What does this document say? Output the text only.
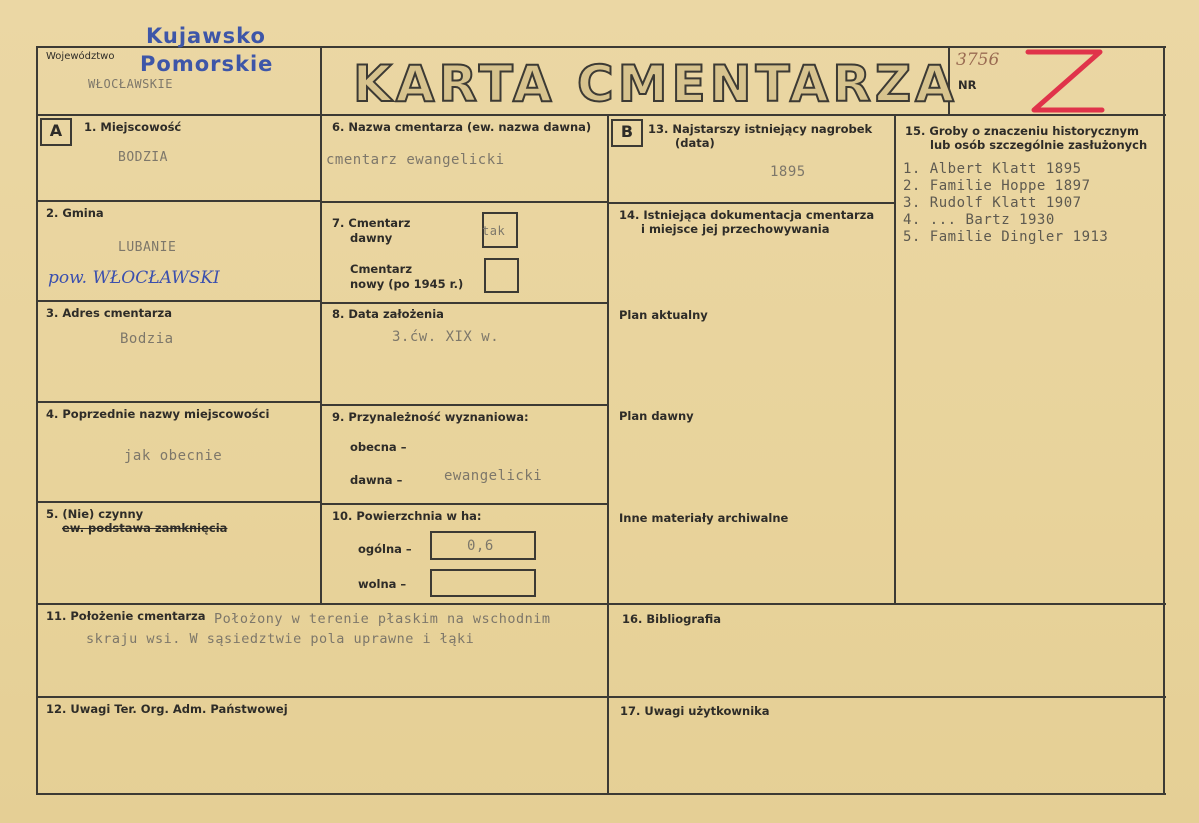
Województwo
WŁOCŁAWSKIE
Kujawsko
Pomorskie KARTA CMENTARZA NR
3756
A	1. Miejscowość
BODZIA
2. Gmina
LUBANIE
pow. WŁOCŁAWSKI
3. Adres cmentarza
Bodzia
4. Poprzednie nazwy miejscowości
jak obecnie
5. (Nie) czynny
ew. podstawa zamknięcia
6. Nazwa cmentarza (ew. nazwa dawna)
cmentarz ewangelicki
7. Cmentarz
dawny	tak
Cmentarz
nowy (po 1945 r.)
8. Data założenia
3.ćw. XIX w.
9. Przynależność wyznaniowa:
obecna –
dawna –	ewangelicki
10. Powierzchnia w ha:
ogólna –	0,6
wolna –
B	13. Najstarszy istniejący nagrobek
(data)
1895
14. Istniejąca dokumentacja cmentarza
i miejsce jej przechowywania
Plan aktualny
Plan dawny
Inne materiały archiwalne
15. Groby o znaczeniu historycznym
lub osób szczególnie zasłużonych
1. Albert Klatt 1895
2. Familie Hoppe 1897
3. Rudolf Klatt 1907
4. ... Bartz 1930
5. Familie Dingler 1913
11. Położenie cmentarza Położony w terenie płaskim na wschodnim
skraju wsi. W sąsiedztwie pola uprawne i łąki
16. Bibliografia
12. Uwagi Ter. Org. Adm. Państwowej	17. Uwagi użytkownika
